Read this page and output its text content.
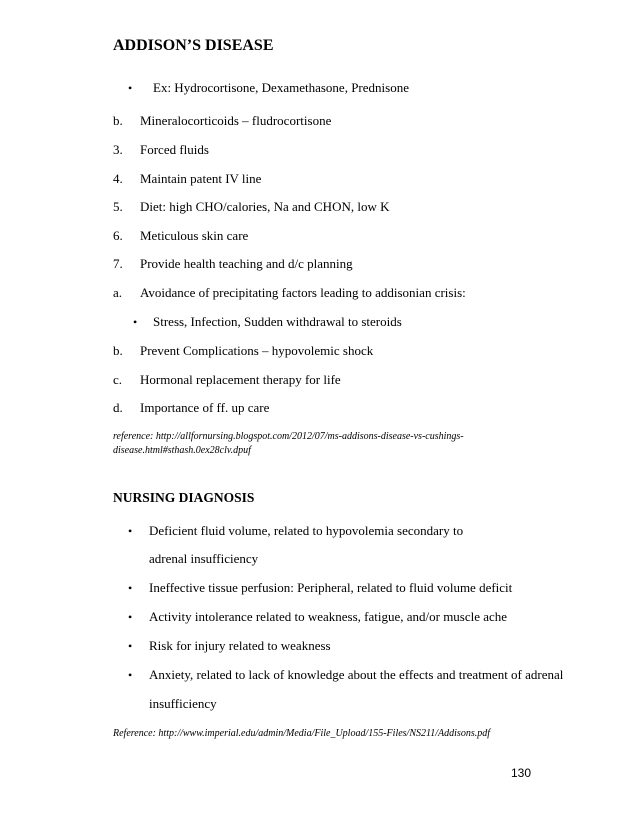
ADDISON’S DISEASE
• Ex: Hydrocortisone, Dexamethasone, Prednisone
b. Mineralocorticoids – fludrocortisone
3. Forced fluids
4. Maintain patent IV line
5. Diet: high CHO/calories, Na and CHON, low K
6. Meticulous skin care
7. Provide health teaching and d/c planning
a. Avoidance of precipitating factors leading to addisonian crisis:
• Stress, Infection, Sudden withdrawal to steroids
b. Prevent Complications – hypovolemic shock
c. Hormonal replacement therapy for life
d. Importance of ff. up care
reference: http://allfornursing.blogspot.com/2012/07/ms-addisons-disease-vs-cushings-
disease.html#sthash.0ex28clv.dpuf
NURSING DIAGNOSIS
• Deficient fluid volume, related to hypovolemia secondary to
adrenal insufficiency
• Ineffective tissue perfusion: Peripheral, related to fluid volume deficit
• Activity intolerance related to weakness, fatigue, and/or muscle ache
• Risk for injury related to weakness
• Anxiety, related to lack of knowledge about the effects and treatment of adrenal
insufficiency
Reference: http://www.imperial.edu/admin/Media/File_Upload/155-Files/NS211/Addisons.pdf
130
